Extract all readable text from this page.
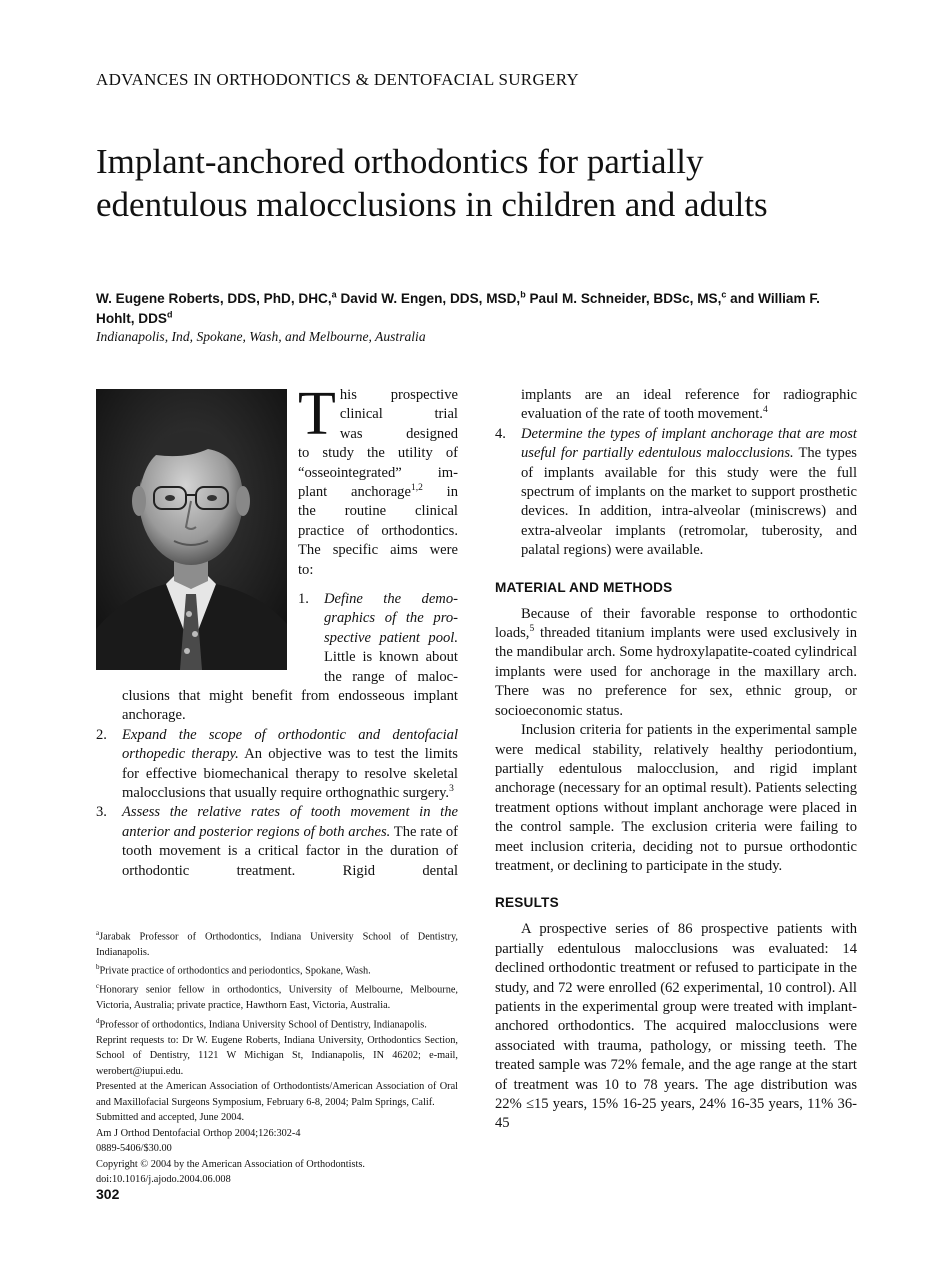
ADVANCES IN ORTHODONTICS & DENTOFACIAL SURGERY
Implant-anchored orthodontics for partially edentulous malocclusions in children and adults
W. Eugene Roberts, DDS, PhD, DHC,$^a$ David W. Engen, DDS, MSD,$^b$ Paul M. Schneider, BDSc, MS,$^c$ and William F. Hohlt, DDS$^d$
Indianapolis, Ind, Spokane, Wash, and Melbourne, Australia
T his prospective
clinical trial
was designed
to study the utility of
“osseointegrated” im-
plant anchorage$^{1,2}$ in
the routine clinical
practice of orthodontics.
The specific aims were
to:
1. Define the demo-
graphics of the pro-
spective patient pool.
Little is known about
the range of maloc-

clusions that might benefit from endosseous implant anchorage.

2.	Expand the scope of orthodontic and dentofacial orthopedic therapy. An objective was to test the limits for effective biomechanical therapy to resolve skeletal malocclusions that usually require orthognathic surgery.$^3$

3.	Assess the relative rates of tooth movement in the anterior and posterior regions of both arches. The rate of tooth movement is a critical factor in the duration of orthodontic treatment. Rigid dental

$^a$Jarabak Professor of Orthodontics, Indiana University School of Dentistry, Indianapolis.
$^b$Private practice of orthodontics and periodontics, Spokane, Wash.
$^c$Honorary senior fellow in orthodontics, University of Melbourne, Melbourne, Victoria, Australia; private practice, Hawthorn East, Victoria, Australia.
$^d$Professor of orthodontics, Indiana University School of Dentistry, Indianapolis.
Reprint requests to: Dr W. Eugene Roberts, Indiana University, Orthodontics Section, School of Dentistry, 1121 W Michigan St, Indianapolis, IN 46202; e-mail, werobert@iupui.edu.
Presented at the American Association of Orthodontists/American Association of Oral and Maxillofacial Surgeons Symposium, February 6-8, 2004; Palm Springs, Calif.
Submitted and accepted, June 2004.
Am J Orthod Dentofacial Orthop 2004;126:302-4
0889-5406/$30.00
Copyright © 2004 by the American Association of Orthodontists.
doi:10.1016/j.ajodo.2004.06.008
302

implants are an ideal reference for radiographic evaluation of the rate of tooth movement.$^4$

4.	Determine the types of implant anchorage that are most useful for partially edentulous malocclusions. The types of implants available for this study were the full spectrum of implants on the market to support prosthetic devices. In addition, intra-alveolar (miniscrews) and extra-alveolar implants (retromolar, tuberosity, and palatal regions) were available.

MATERIAL AND METHODS

Because of their favorable response to orthodontic loads,$^5$ threaded titanium implants were used exclusively in the mandibular arch. Some hydroxylapatite-coated cylindrical implants were used for anchorage in the maxillary arch. There was no preference for sex, ethnic group, or socioeconomic status.

Inclusion criteria for patients in the experimental sample were medical stability, relatively healthy periodontium, partially edentulous malocclusion, and rigid implant anchorage (necessary for an optimal result). Patients selecting treatment options without implant anchorage were placed in the control sample. The exclusion criteria were failing to meet inclusion criteria, deciding not to pursue orthodontic treatment, or declining to participate in the study.

RESULTS

A prospective series of 86 prospective patients with partially edentulous malocclusions was evaluated: 14 declined orthodontic treatment or refused to participate in the study, and 72 were enrolled (62 experimental, 10 control). All patients in the experimental group were treated with implant-anchored orthodontics. The acquired malocclusions were associated with trauma, pathology, or missing teeth. The treated sample was 72% female, and the age range at the start of treatment was 10 to 78 years. The age distribution was 22% ≤15 years, 15% 16-25 years, 24% 16-35 years, 11% 36-45
